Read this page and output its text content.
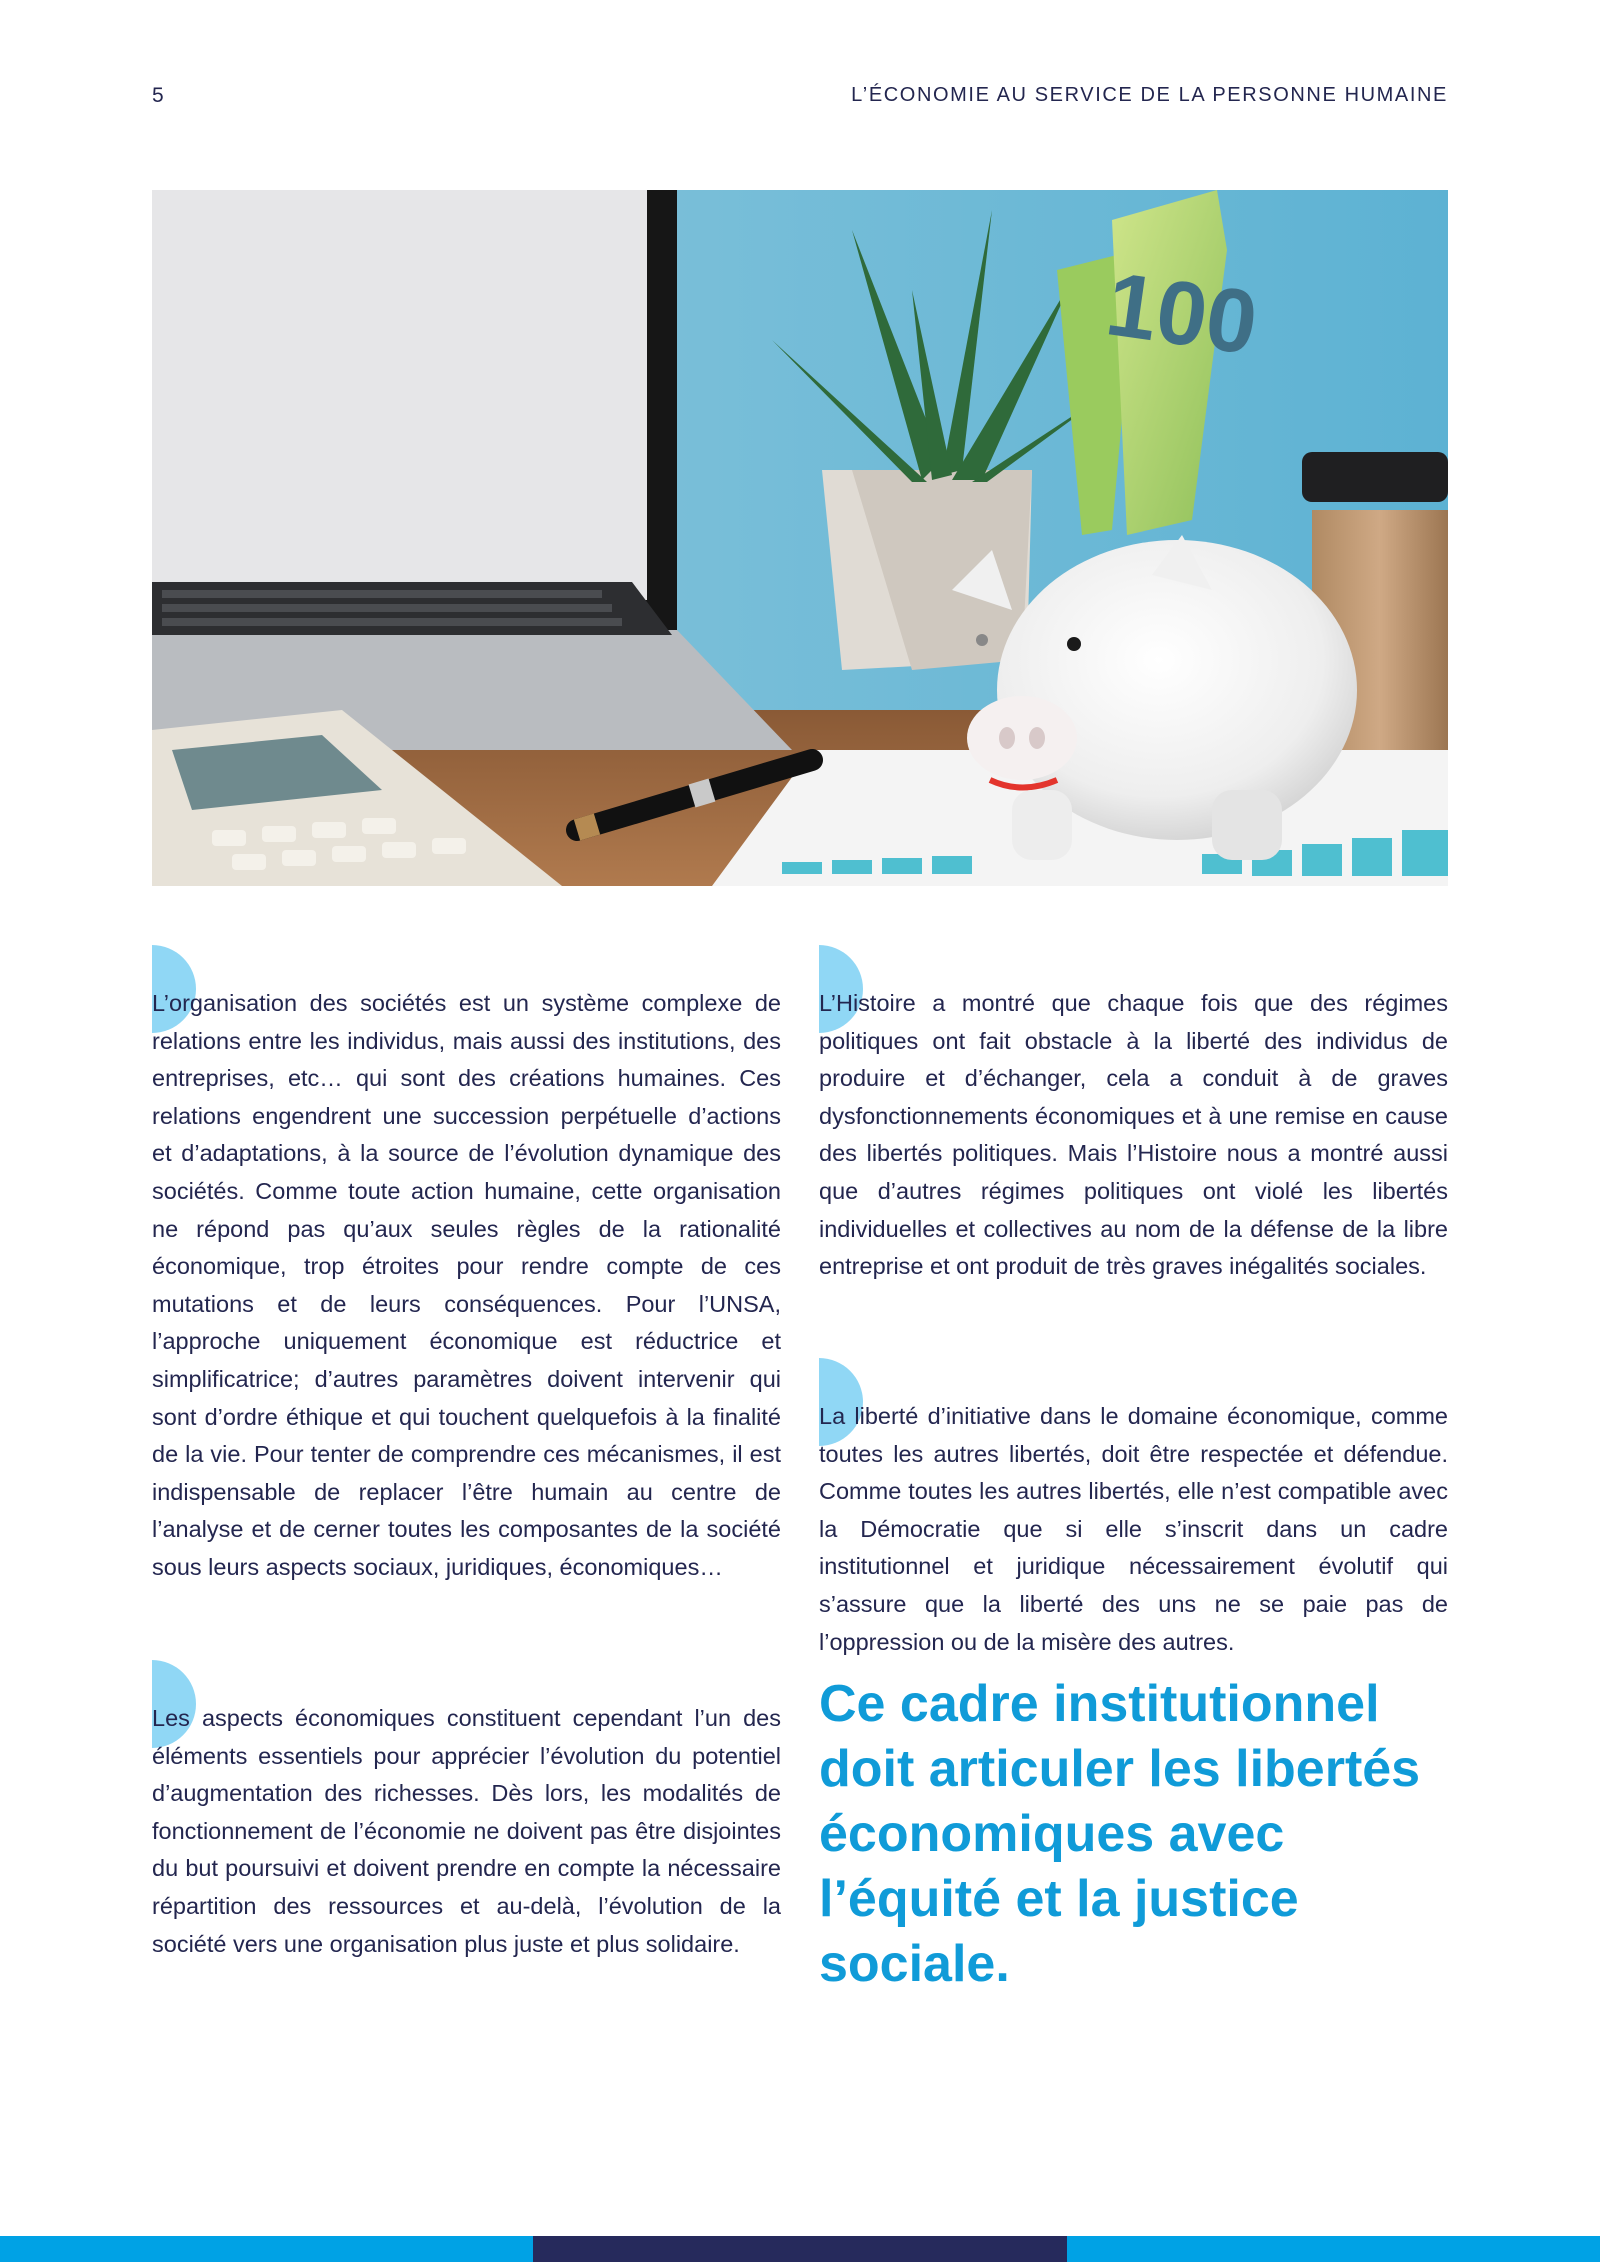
5	L’ÉCONOMIE AU SERVICE DE LA PERSONNE HUMAINE
100

L’organisation des sociétés est un système complexe de relations entre les individus, mais aussi des institutions, des entreprises, etc… qui sont des créations humaines. Ces relations engendrent une succession perpétuelle d’actions et d’adaptations, à la source de l’évolution dynamique des sociétés. Comme toute action humaine, cette organisation ne répond pas qu’aux seules règles de la rationalité économique, trop étroites pour rendre compte de ces mutations et de leurs conséquences. Pour l’UNSA, l’approche uniquement économique est réductrice et simplificatrice; d’autres paramètres doivent intervenir qui sont d’ordre éthique et qui touchent quelquefois à la finalité de la vie. Pour tenter de comprendre ces mécanismes, il est indispensable de replacer l’être humain au centre de l’analyse et de cerner toutes les composantes de la société sous leurs aspects sociaux, juridiques, économiques…

Les aspects économiques constituent cependant l’un des éléments essentiels pour apprécier l’évolution du potentiel d’augmentation des richesses. Dès lors, les modalités de fonctionnement de l’économie ne doivent pas être disjointes du but poursuivi et doivent prendre en compte la nécessaire répartition des ressources et au-delà, l’évolution de la société vers une organisation plus juste et plus solidaire.

L’Histoire a montré que chaque fois que des régimes politiques ont fait obstacle à la liberté des individus de produire et d’échanger, cela a conduit à de graves dysfonctionnements économiques et à une remise en cause des libertés politiques. Mais l’Histoire nous a montré aussi que d’autres régimes politiques ont violé les libertés individuelles et collectives au nom de la défense de la libre entreprise et ont produit de très graves inégalités sociales.

La liberté d’initiative dans le domaine économique, comme toutes les autres libertés, doit être respectée et défendue. Comme toutes les autres libertés, elle n’est compatible avec la Démocratie que si elle s’inscrit dans un cadre institutionnel et juridique nécessairement évolutif qui s’assure que la liberté des uns ne se paie pas de l’oppression ou de la misère des autres.

Ce cadre institutionnel doit articuler les libertés économiques avec l’équité et la justice sociale.
